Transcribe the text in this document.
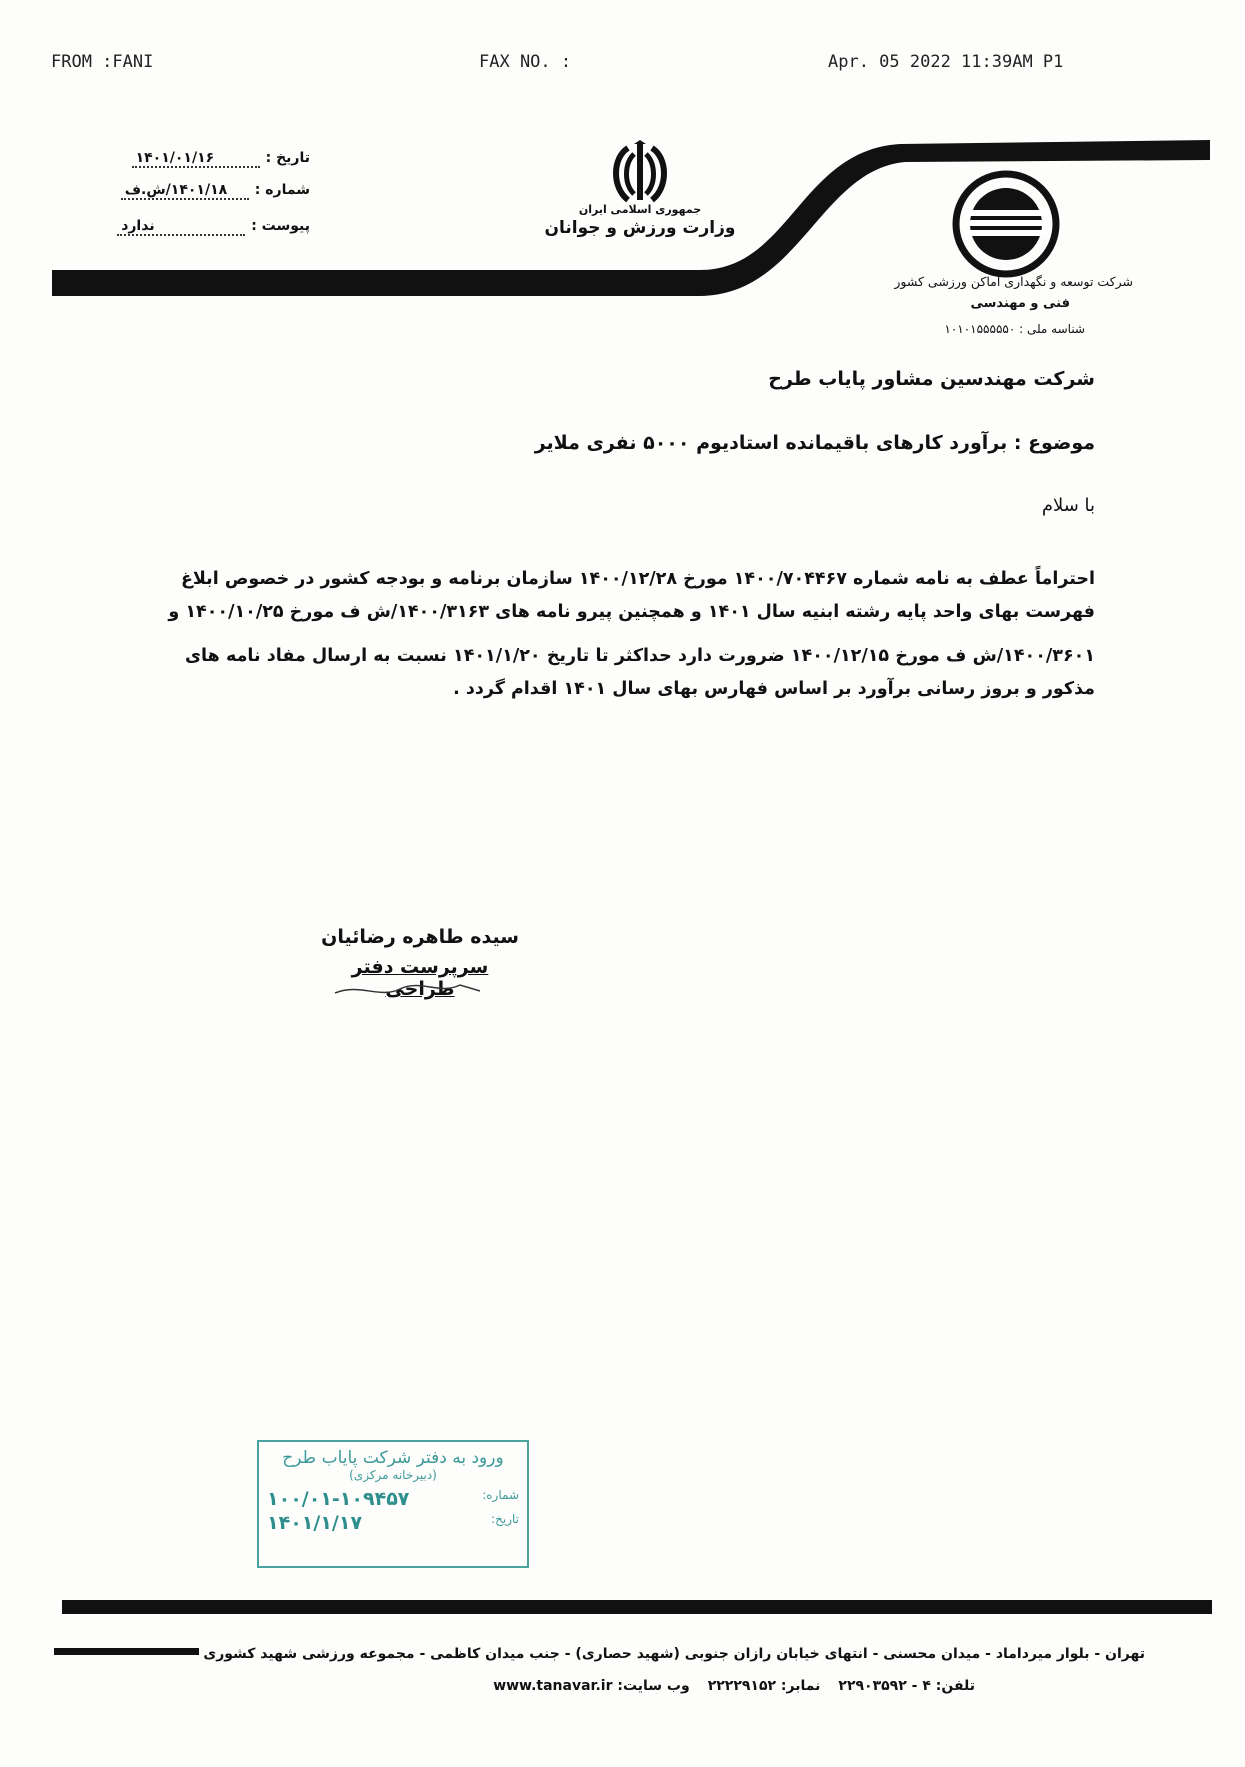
FROM :FANI	FAX NO. :	Apr. 05 2022 11:39AM P1
تاریخ :۱۴۰۱/۰۱/۱۶
شماره :۱۴۰۱/۱۸/ش.ف
پیوست :ندارد
جمهوری اسلامی ایران
وزارت ورزش و جوانان
شرکت توسعه و نگهداری اماکن ورزشی کشور
فنی و مهندسی
شناسه ملی : ۱۰۱۰۱۵۵۵۵۵۰
شرکت مهندسین مشاور پایاب طرح
موضوع : برآورد کارهای باقیمانده استادیوم ۵۰۰۰ نفری ملایر
با سلام
احتراماً عطف به نامه شماره ۱۴۰۰/۷۰۴۴۶۷ مورخ ۱۴۰۰/۱۲/۲۸ سازمان برنامه و بودجه کشور در خصوص ابلاغ
فهرست بهای واحد پایه رشته ابنیه سال ۱۴۰۱ و همچنین پیرو نامه های ۱۴۰۰/۳۱۶۳/ش ف مورخ ۱۴۰۰/۱۰/۲۵ و
۱۴۰۰/۳۶۰۱/ش ف مورخ ۱۴۰۰/۱۲/۱۵ ضرورت دارد حداکثر تا تاریخ ۱۴۰۱/۱/۲۰ نسبت به ارسال مفاد نامه های
مذکور و بروز رسانی برآورد بر اساس فهارس بهای سال ۱۴۰۱ اقدام گردد .
سیده طاهره رضائیان
سرپرست دفتر طراحی
ورود به دفتر شرکت پایاب طرح
(دبیرخانه مرکزی)
شماره:
۱۰۰/۰۱-۱۰۹۴۵۷
تاریخ:
۱۴۰۱/۱/۱۷
تهران - بلوار میرداماد - میدان محسنی - انتهای خیابان رازان جنوبی (شهید حصاری) - جنب میدان کاظمی - مجموعه ورزشی شهید کشوری
تلفن: ۴ - ۲۲۹۰۳۵۹۲
نمابر: ۲۲۲۲۹۱۵۲
وب سایت: www.tanavar.ir
